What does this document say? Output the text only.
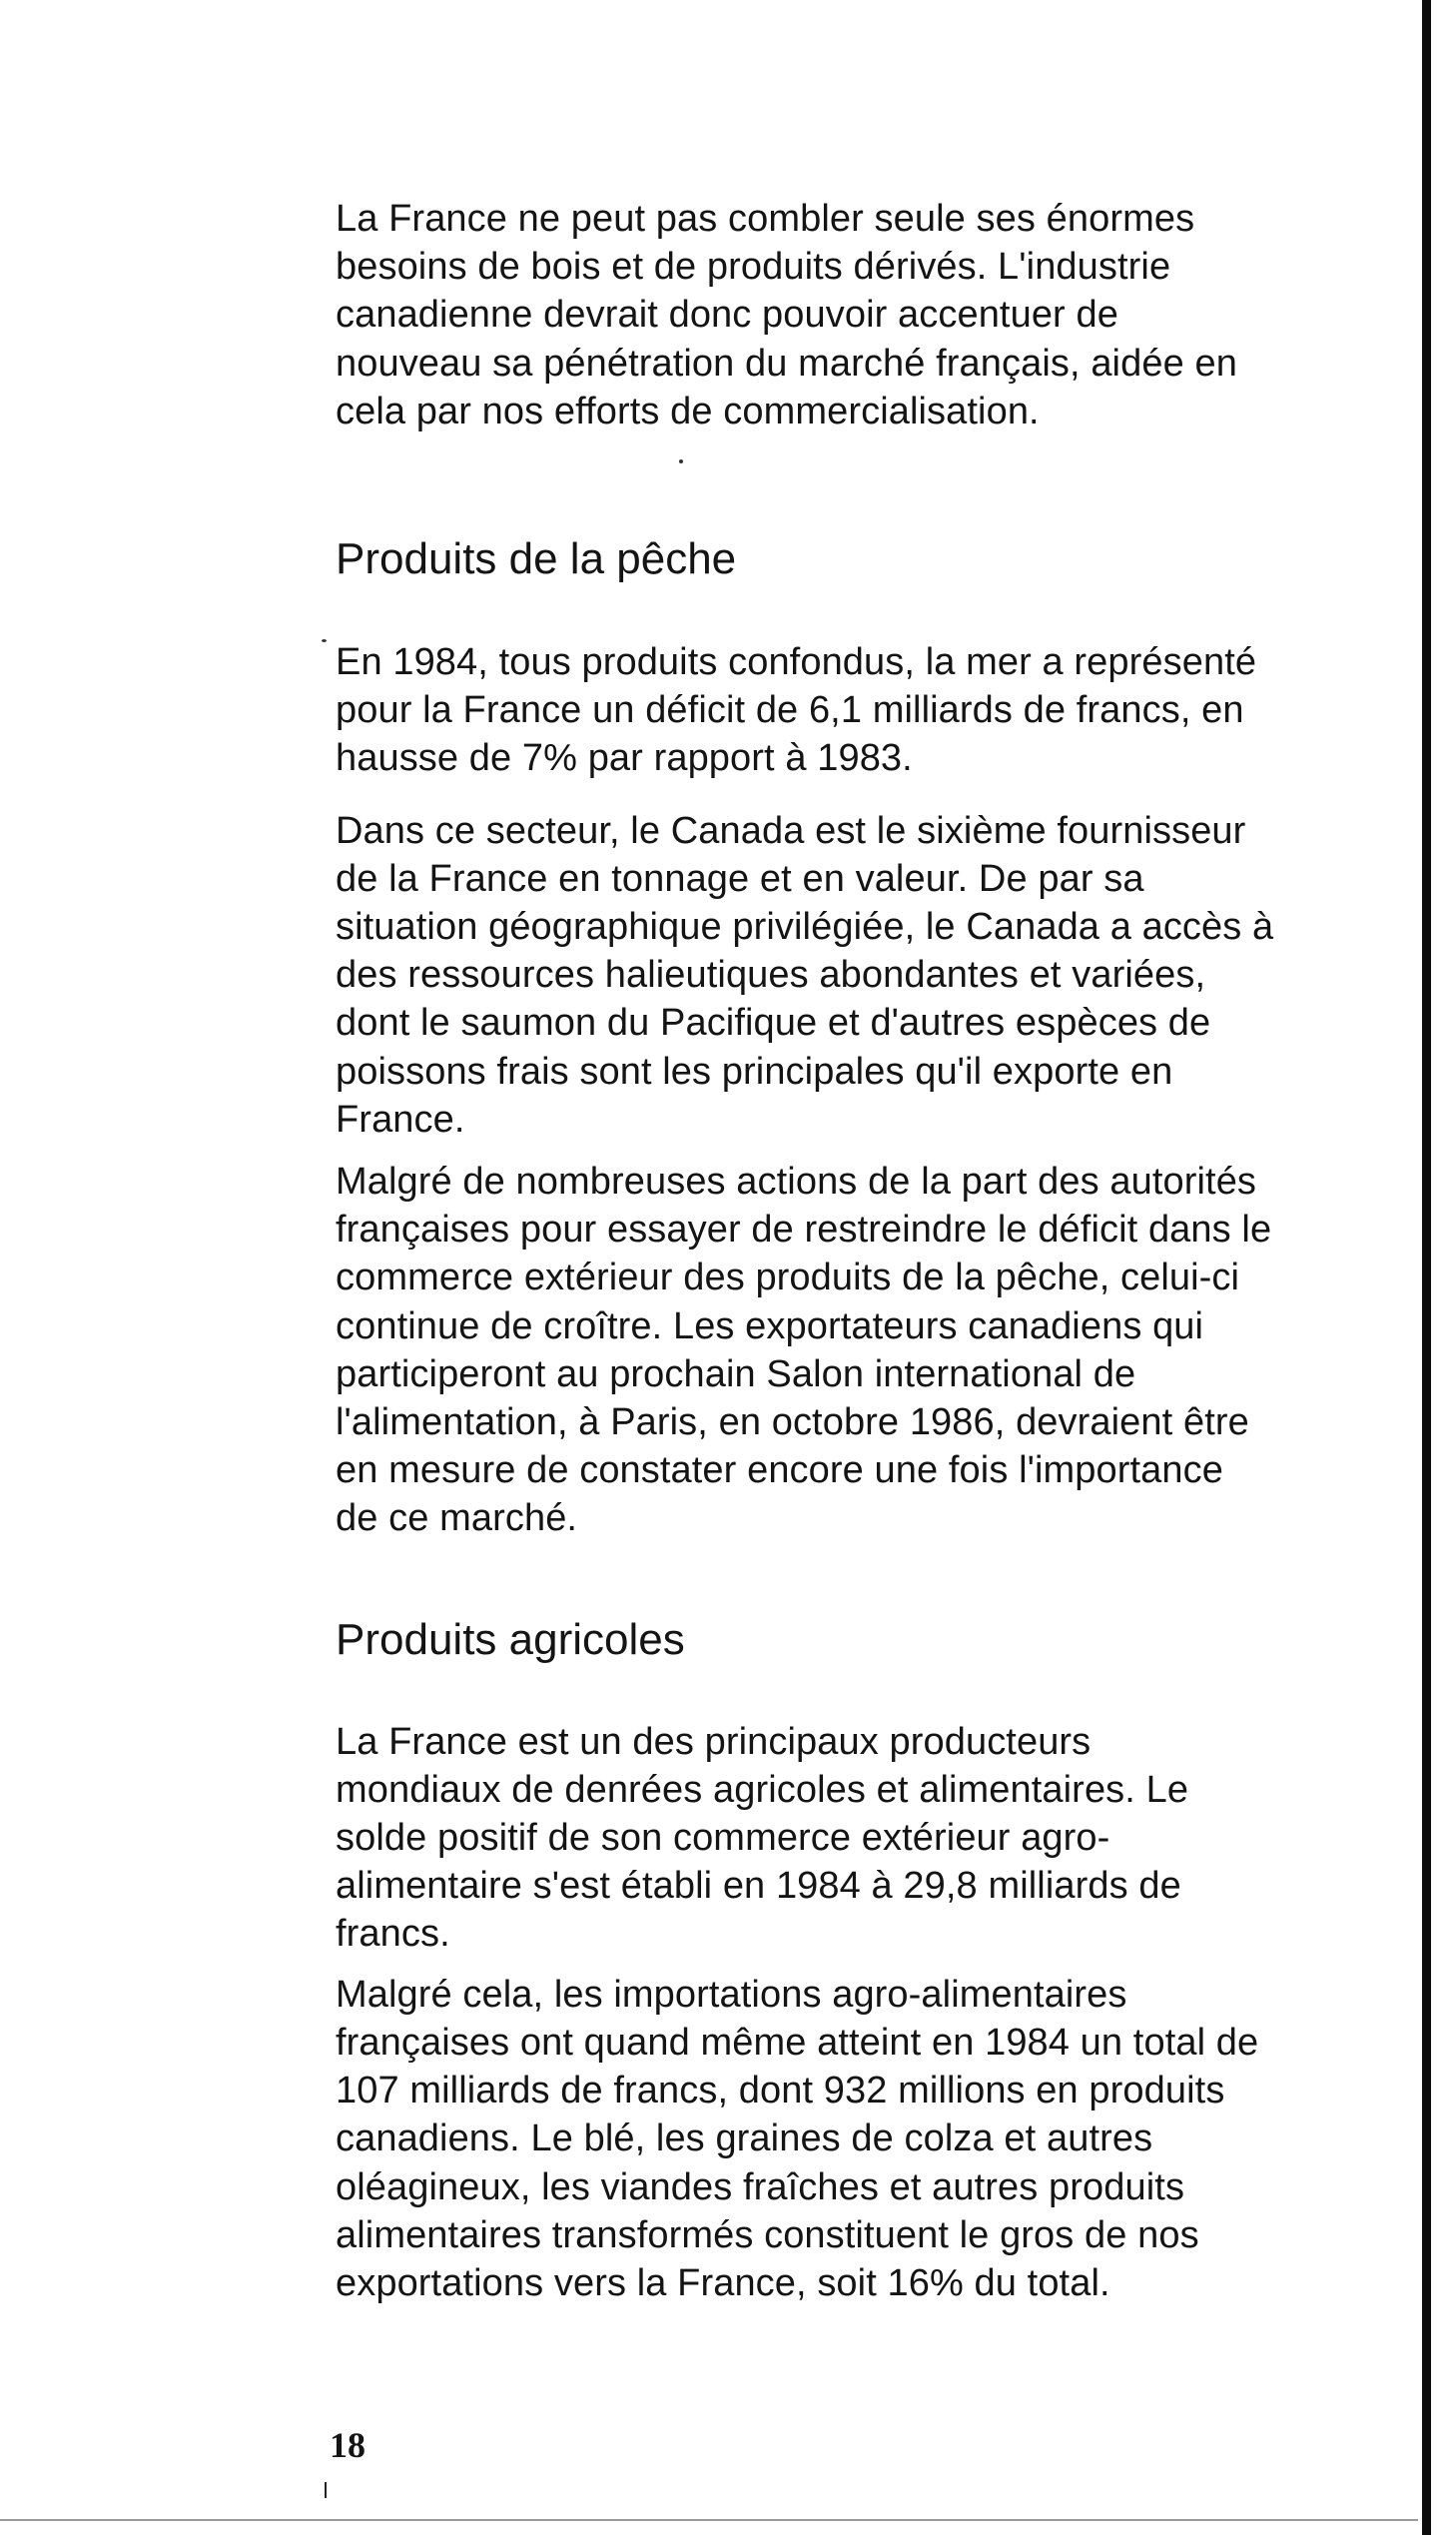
La France ne peut pas combler seule ses énormes
besoins de bois et de produits dérivés. L'industrie
canadienne devrait donc pouvoir accentuer de
nouveau sa pénétration du marché français, aidée en
cela par nos efforts de commercialisation.

Produits de la pêche

En 1984, tous produits confondus, la mer a représenté
pour la France un déficit de 6,1 milliards de francs, en
hausse de 7% par rapport à 1983.

Dans ce secteur, le Canada est le sixième fournisseur
de la France en tonnage et en valeur. De par sa
situation géographique privilégiée, le Canada a accès à
des ressources halieutiques abondantes et variées,
dont le saumon du Pacifique et d'autres espèces de
poissons frais sont les principales qu'il exporte en
France.

Malgré de nombreuses actions de la part des autorités
françaises pour essayer de restreindre le déficit dans le
commerce extérieur des produits de la pêche, celui-ci
continue de croître. Les exportateurs canadiens qui
participeront au prochain Salon international de
l'alimentation, à Paris, en octobre 1986, devraient être
en mesure de constater encore une fois l'importance
de ce marché.

Produits agricoles

La France est un des principaux producteurs
mondiaux de denrées agricoles et alimentaires. Le
solde positif de son commerce extérieur agro-
alimentaire s'est établi en 1984 à 29,8 milliards de
francs.

Malgré cela, les importations agro-alimentaires
françaises ont quand même atteint en 1984 un total de
107 milliards de francs, dont 932 millions en produits
canadiens. Le blé, les graines de colza et autres
oléagineux, les viandes fraîches et autres produits
alimentaires transformés constituent le gros de nos
exportations vers la France, soit 16% du total.

18
